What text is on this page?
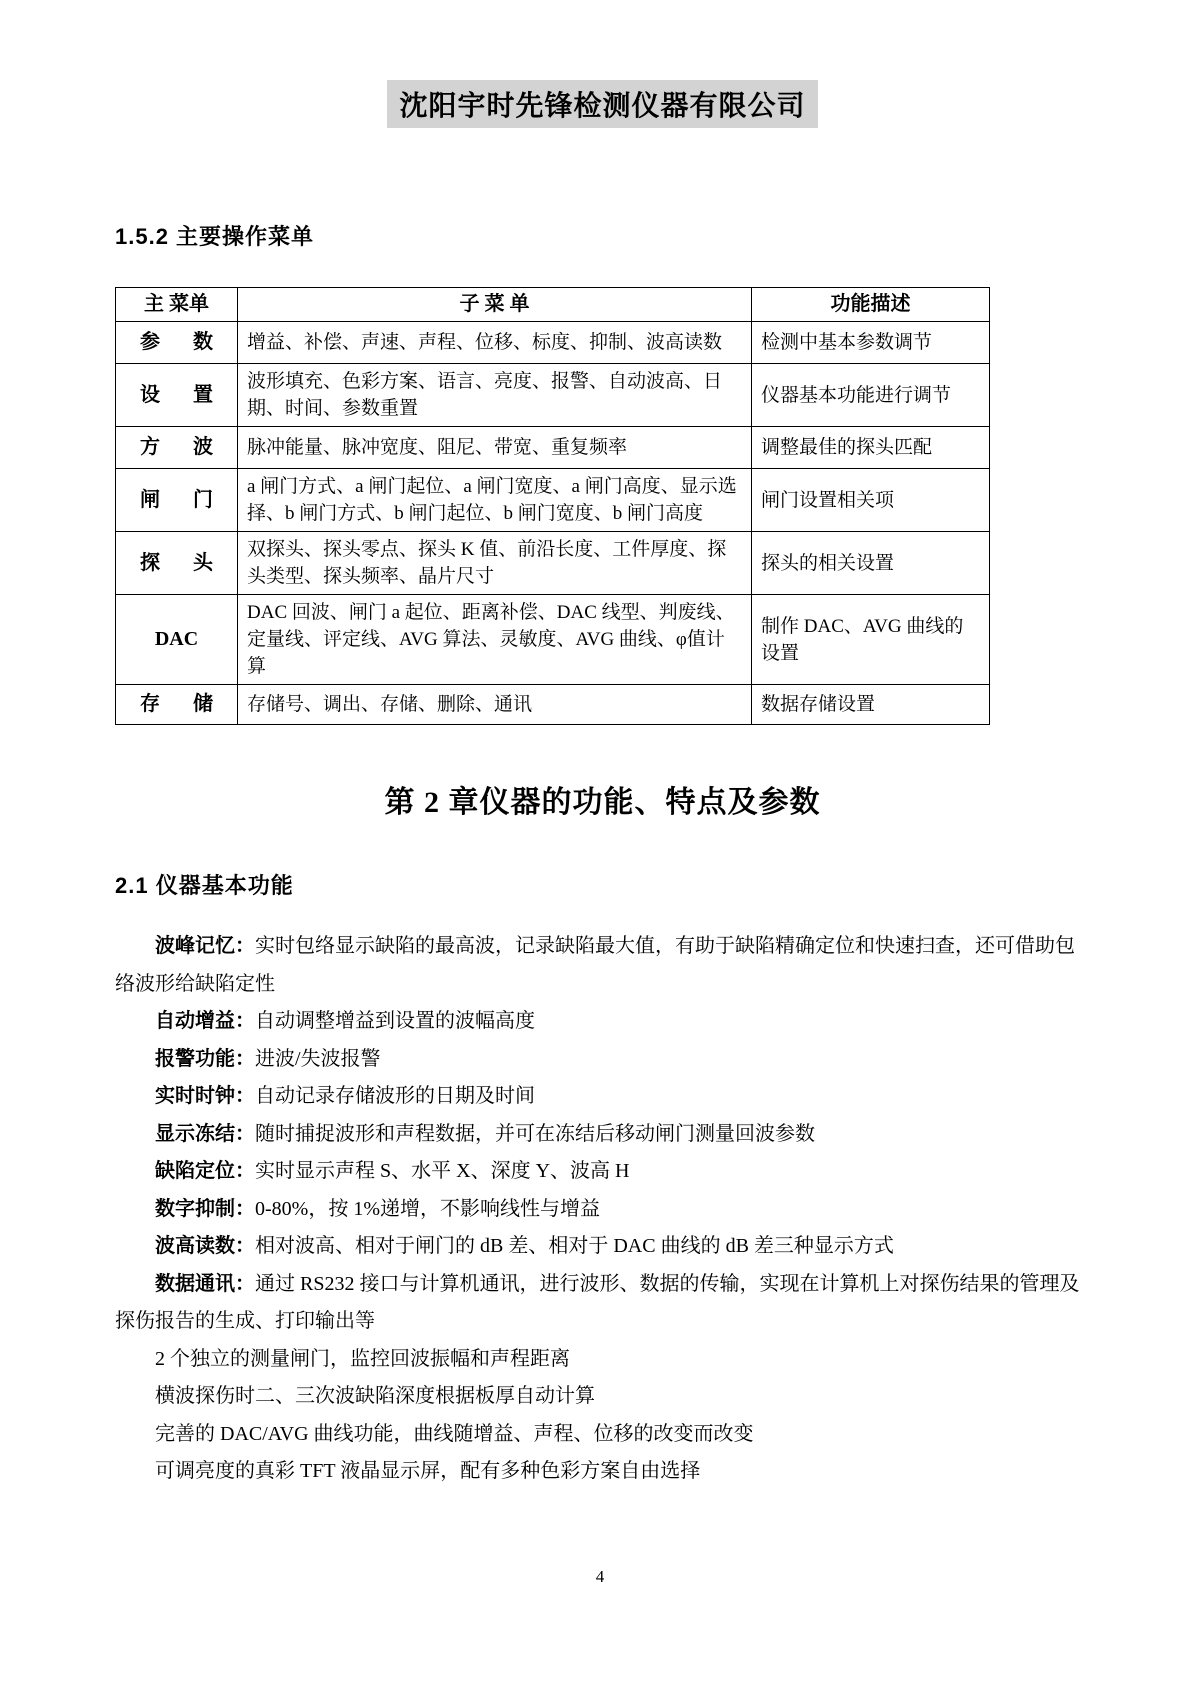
沈阳宇时先锋检测仪器有限公司
1.5.2 主要操作菜单
主 菜单	子 菜 单	功能描述
参 数	增益、补偿、声速、声程、位移、标度、抑制、波高读数	检测中基本参数调节
设 置	波形填充、色彩方案、语言、亮度、报警、自动波高、日期、时间、参数重置	仪器基本功能进行调节
方 波	脉冲能量、脉冲宽度、阻尼、带宽、重复频率	调整最佳的探头匹配
闸 门	a 闸门方式、a 闸门起位、a 闸门宽度、a 闸门高度、显示选择、b 闸门方式、b 闸门起位、b 闸门宽度、b 闸门高度	闸门设置相关项
探 头	双探头、探头零点、探头 K 值、前沿长度、工件厚度、探头类型、探头频率、晶片尺寸	探头的相关设置
DAC	DAC 回波、闸门 a 起位、距离补偿、DAC 线型、判废线、定量线、评定线、AVG 算法、灵敏度、AVG 曲线、φ值计算	制作 DAC、AVG 曲线的设置
存 储	存储号、调出、存储、删除、通讯	数据存储设置
第 2 章仪器的功能、特点及参数
2.1 仪器基本功能

波峰记忆：实时包络显示缺陷的最高波，记录缺陷最大值，有助于缺陷精确定位和快速扫查，还可借助包络波形给缺陷定性

自动增益：自动调整增益到设置的波幅高度

报警功能：进波/失波报警

实时时钟：自动记录存储波形的日期及时间

显示冻结：随时捕捉波形和声程数据，并可在冻结后移动闸门测量回波参数

缺陷定位：实时显示声程 S、水平 X、深度 Y、波高 H

数字抑制：0-80%，按 1%递增，不影响线性与增益

波高读数：相对波高、相对于闸门的 dB 差、相对于 DAC 曲线的 dB 差三种显示方式

数据通讯：通过 RS232 接口与计算机通讯，进行波形、数据的传输，实现在计算机上对探伤结果的管理及探伤报告的生成、打印输出等

2 个独立的测量闸门，监控回波振幅和声程距离

横波探伤时二、三次波缺陷深度根据板厚自动计算

完善的 DAC/AVG 曲线功能，曲线随增益、声程、位移的改变而改变

可调亮度的真彩 TFT 液晶显示屏，配有多种色彩方案自由选择

4
